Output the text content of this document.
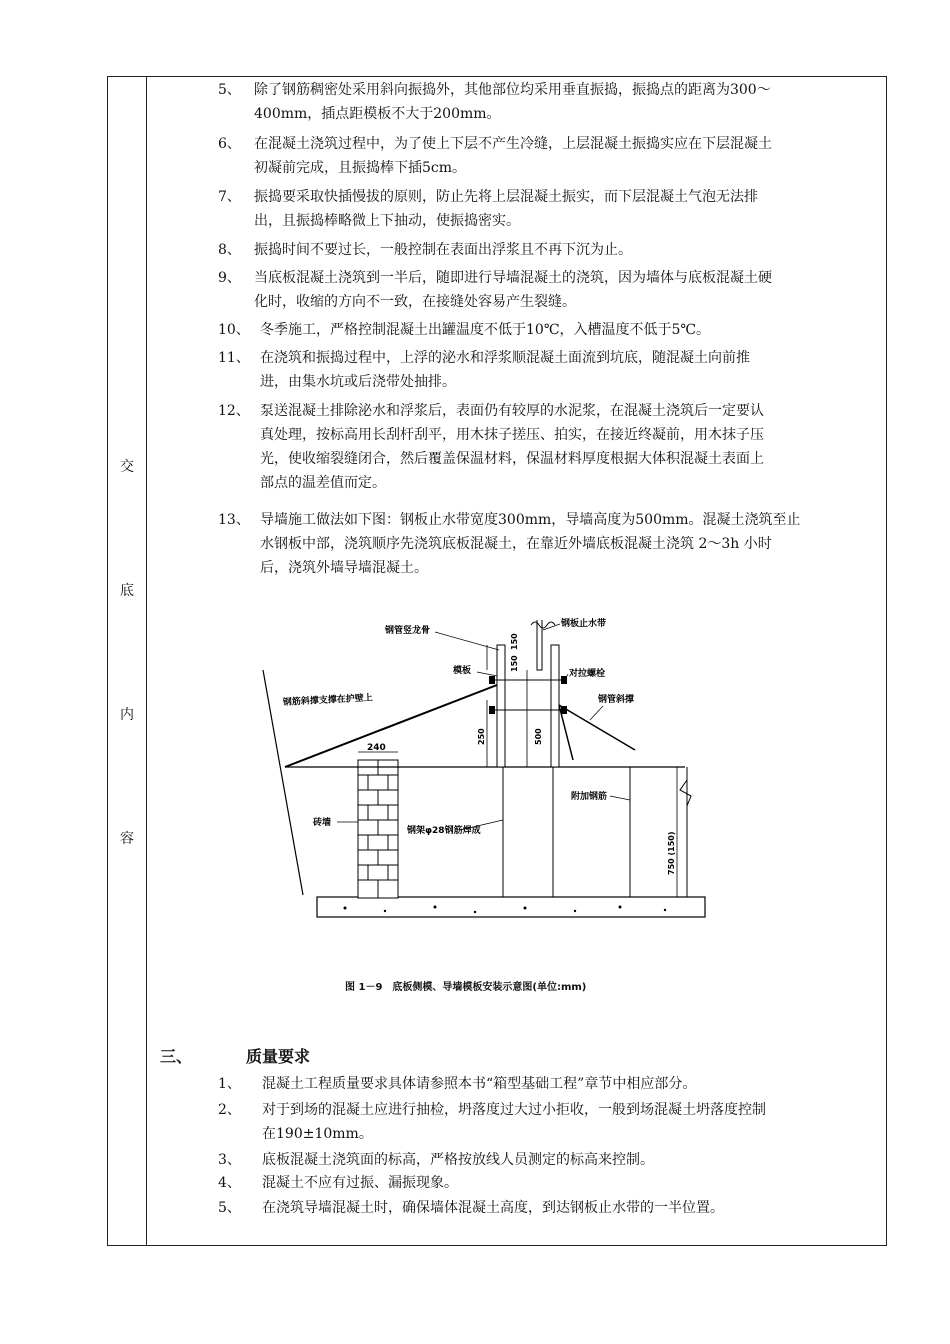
交
底
内
容
5、 除了钢筋稠密处采用斜向振捣外，其他部位均采用垂直振捣，振捣点的距离为300～
400mm，插点距模板不大于200mm。
6、 在混凝土浇筑过程中，为了使上下层不产生冷缝，上层混凝土振捣实应在下层混凝土
初凝前完成，且振捣棒下插5cm。
7、 振捣要采取快插慢拔的原则，防止先将上层混凝土振实，而下层混凝土气泡无法排
出，且振捣棒略微上下抽动，使振捣密实。
8、 振捣时间不要过长，一般控制在表面出浮浆且不再下沉为止。
9、 当底板混凝土浇筑到一半后，随即进行导墙混凝土的浇筑，因为墙体与底板混凝土硬
化时，收缩的方向不一致，在接缝处容易产生裂缝。
10、 冬季施工，严格控制混凝土出罐温度不低于10℃，入槽温度不低于5℃。
11、 在浇筑和振捣过程中，上浮的泌水和浮浆顺混凝土面流到坑底，随混凝土向前推
进，由集水坑或后浇带处抽排。
12、 泵送混凝土排除泌水和浮浆后，表面仍有较厚的水泥浆，在混凝土浇筑后一定要认
真处理，按标高用长刮杆刮平，用木抹子搓压、拍实，在接近终凝前，用木抹子压
光，使收缩裂缝闭合，然后覆盖保温材料，保温材料厚度根据大体积混凝土表面上
部点的温差值而定。
13、 导墙施工做法如下图：钢板止水带宽度300mm，导墙高度为500mm。混凝土浇筑至止
水钢板中部，浇筑顺序先浇筑底板混凝土，在靠近外墙底板混凝土浇筑 2～3h 小时
后，浇筑外墙导墙混凝土。
钢管竖龙骨
钢板止水带
模板	对拉螺栓
钢管斜撑
钢筋斜撑支撑在护壁上
砖墙
钢架φ28钢筋焊成
附加钢筋
240
150
150
250	500
750 (150)
图 1－9　底板侧模、导墙模板安装示意图(单位:mm)
三、	质量要求
1、	混凝土工程质量要求具体请参照本书“箱型基础工程”章节中相应部分。
2、	对于到场的混凝土应进行抽检，坍落度过大过小拒收，一般到场混凝土坍落度控制
在190±10mm。
3、	底板混凝土浇筑面的标高，严格按放线人员测定的标高来控制。
4、	混凝土不应有过振、漏振现象。
5、	在浇筑导墙混凝土时，确保墙体混凝土高度，到达钢板止水带的一半位置。
